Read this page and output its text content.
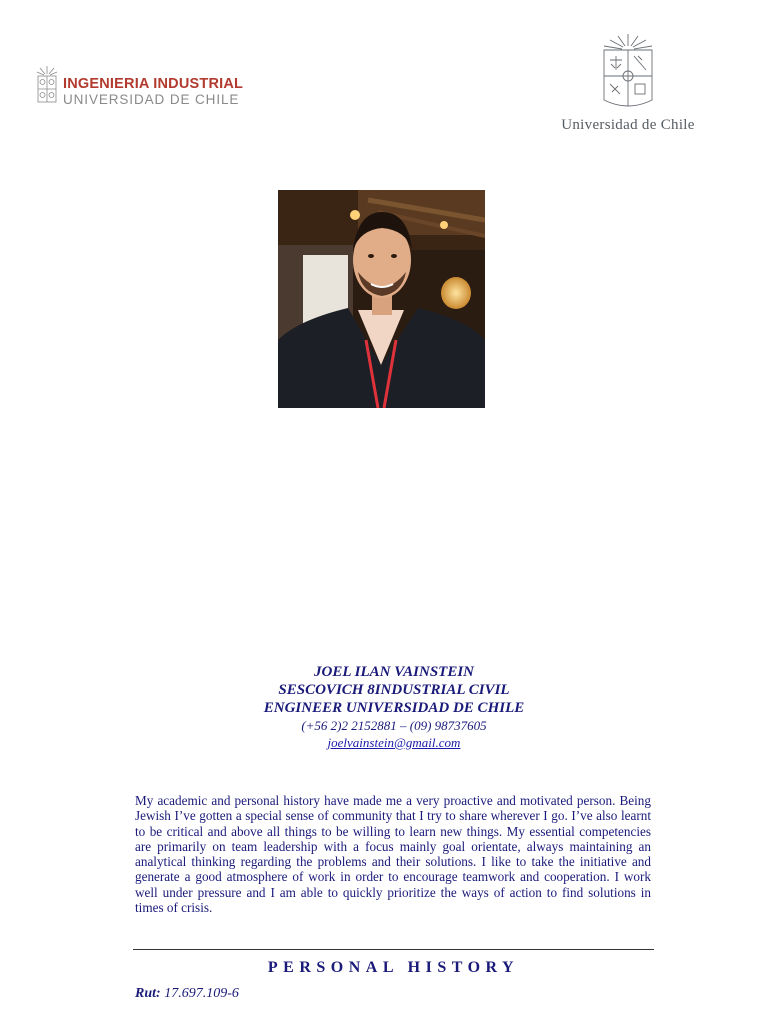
INGENIERIA INDUSTRIAL
UNIVERSIDAD DE CHILE
Universidad de Chile
JOEL ILAN VAINSTEIN
SESCOVICH 8INDUSTRIAL CIVIL
ENGINEER UNIVERSIDAD DE CHILE
(+56 2)2 2152881 – (09) 98737605
joelvainstein@gmail.com

My academic and personal history have made me a very proactive and motivated person. Being Jewish I’ve gotten a special sense of community that I try to share wherever I go. I’ve also learnt to be critical and above all things to be willing to learn new things. My essential competencies are primarily on team leadership with a focus mainly goal orientate, always maintaining an analytical thinking regarding the problems and their solutions. I like to take the initiative and generate a good atmosphere of work in order to encourage teamwork and cooperation. I work well under pressure and I am able to quickly prioritize the ways of action to find solutions in times of crisis.

PERSONAL HISTORY
Rut: 17.697.109-6
